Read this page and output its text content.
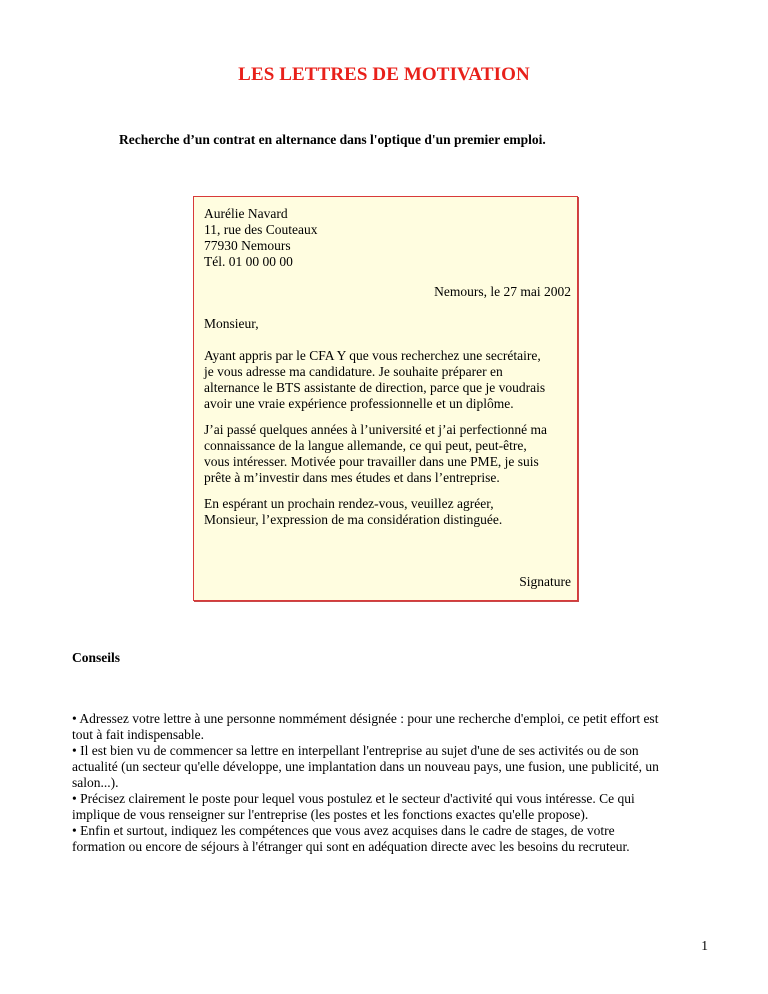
LES LETTRES DE MOTIVATION
Recherche d’un contrat en alternance dans l'optique d'un premier emploi.
Aurélie Navard
11, rue des Couteaux
77930 Nemours
Tél. 01 00 00 00
Nemours, le 27 mai 2002
Monsieur,
Ayant appris par le CFA Y que vous recherchez une secrétaire,
je vous adresse ma candidature. Je souhaite préparer en
alternance le BTS assistante de direction, parce que je voudrais
avoir une vraie expérience professionnelle et un diplôme.
J’ai passé quelques années à l’université et j’ai perfectionné ma
connaissance de la langue allemande, ce qui peut, peut-être,
vous intéresser. Motivée pour travailler dans une PME, je suis
prête à m’investir dans mes études et dans l’entreprise.
En espérant un prochain rendez-vous, veuillez agréer,
Monsieur, l’expression de ma considération distinguée.
Signature
Conseils
• Adressez votre lettre à une personne nommément désignée : pour une recherche d'emploi, ce petit effort est
tout à fait indispensable.
• Il est bien vu de commencer sa lettre en interpellant l'entreprise au sujet d'une de ses activités ou de son
actualité (un secteur qu'elle développe, une implantation dans un nouveau pays, une fusion, une publicité, un
salon...).
• Précisez clairement le poste pour lequel vous postulez et le secteur d'activité qui vous intéresse. Ce qui
implique de vous renseigner sur l'entreprise (les postes et les fonctions exactes qu'elle propose).
• Enfin et surtout, indiquez les compétences que vous avez acquises dans le cadre de stages, de votre
formation ou encore de séjours à l'étranger qui sont en adéquation directe avec les besoins du recruteur.
1
